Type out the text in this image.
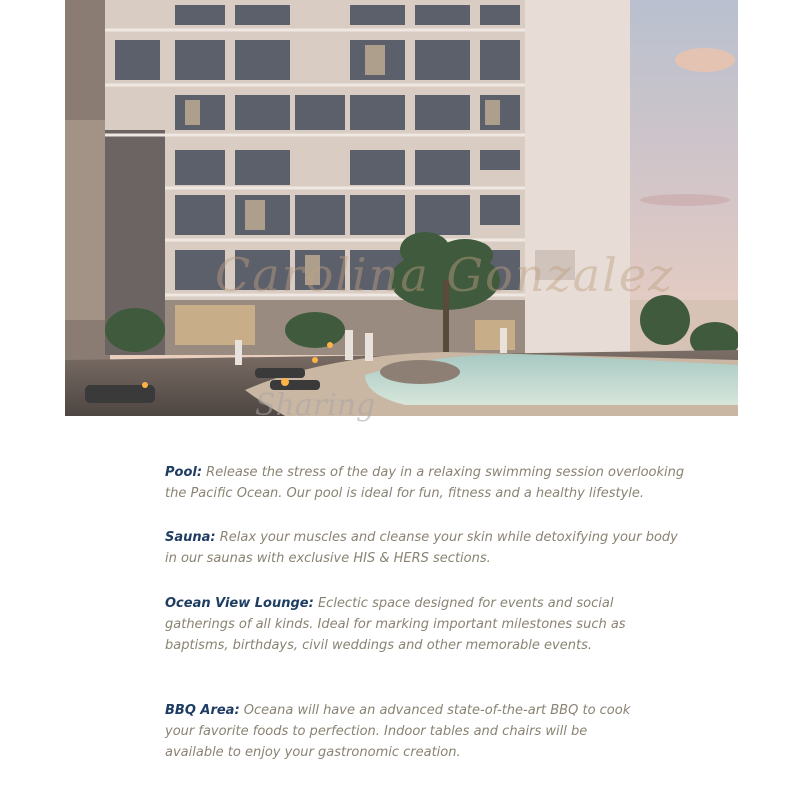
Carolina Gonzalez
Sharing

Pool: Release the stress of the day in a relaxing swimming session overlooking the Pacific Ocean. Our pool is ideal for fun, fitness and a healthy lifestyle.

Sauna: Relax your muscles and cleanse your skin while detoxifying your body in our saunas with exclusive HIS & HERS sections.

Ocean View Lounge: Eclectic space designed for events and social gatherings of all kinds. Ideal for marking important milestones such as baptisms, birthdays, civil weddings and other memorable events.

BBQ Area: Oceana will have an advanced state-of-the-art BBQ to cook your favorite foods to perfection. Indoor tables and chairs will be available to enjoy your gastronomic creation.
